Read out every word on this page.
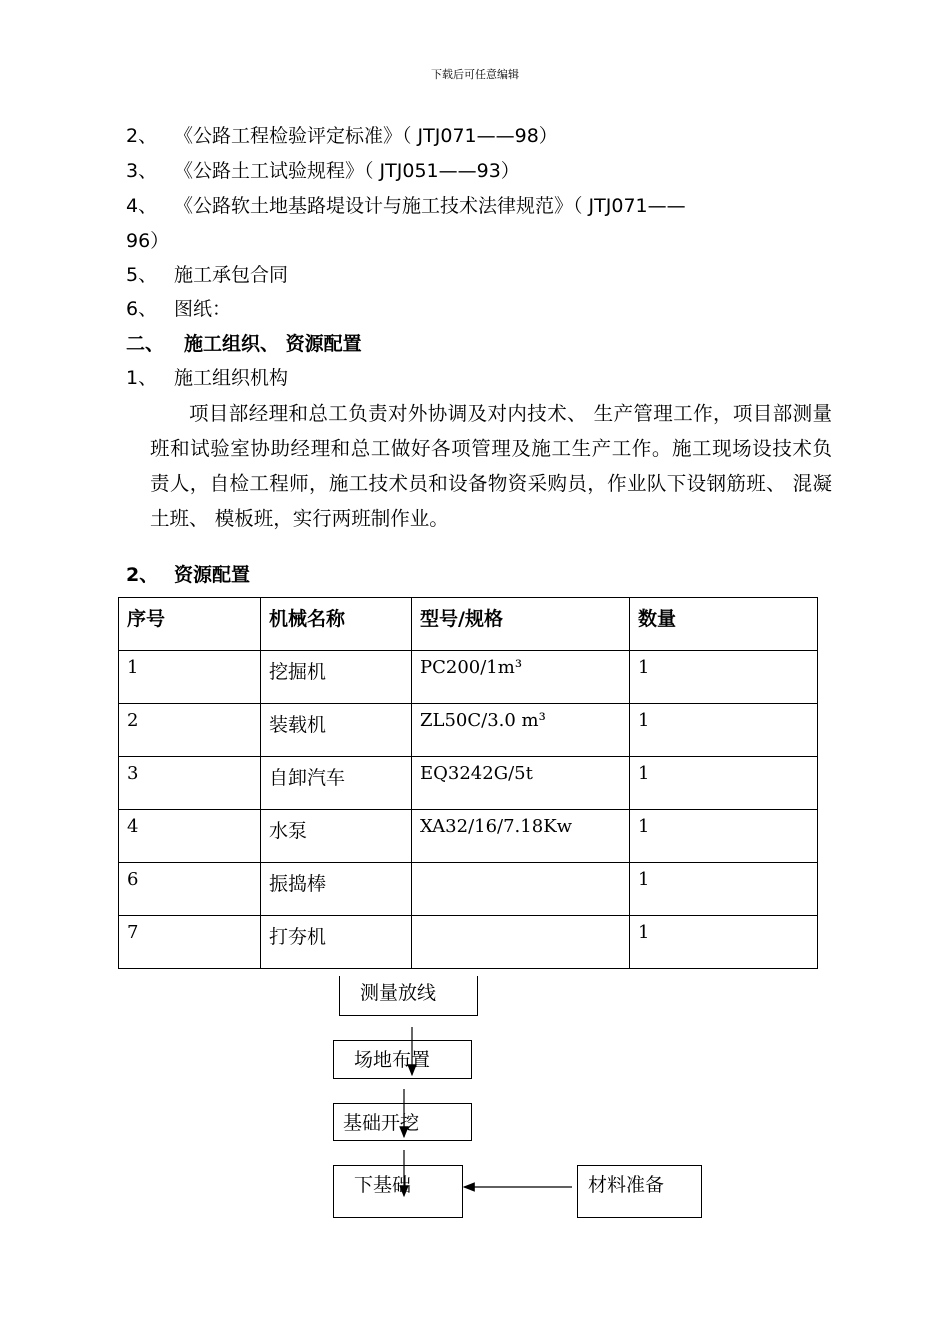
下载后可任意编辑
2、 《公路工程检验评定标准》（ JTJ071——98）
3、 《公路土工试验规程》（ JTJ051——93）
4、 《公路软土地基路堤设计与施工技术法律规范》（ JTJ071——
96）
5、 施工承包合同
6、 图纸：
二、 施工组织、 资源配置
1、 施工组织机构
项目部经理和总工负责对外协调及对内技术、 生产管理工作，项目部测量班和试验室协助经理和总工做好各项管理及施工生产工作。施工现场设技术负责人，自检工程师，施工技术员和设备物资采购员，作业队下设钢筋班、 混凝土班、 模板班，实行两班制作业。
2、 资源配置
序号	机械名称	型号/规格	数量
1	挖掘机	PC200/1m³	1
2	装载机	ZL50C/3.0 m³	1
3	自卸汽车	EQ3242G/5t	1
4	水泵	XA32/16/7.18Kw	1
6	振捣棒		1
7	打夯机		1
测量放线
场地布置
基础开挖
下基础	材料准备
